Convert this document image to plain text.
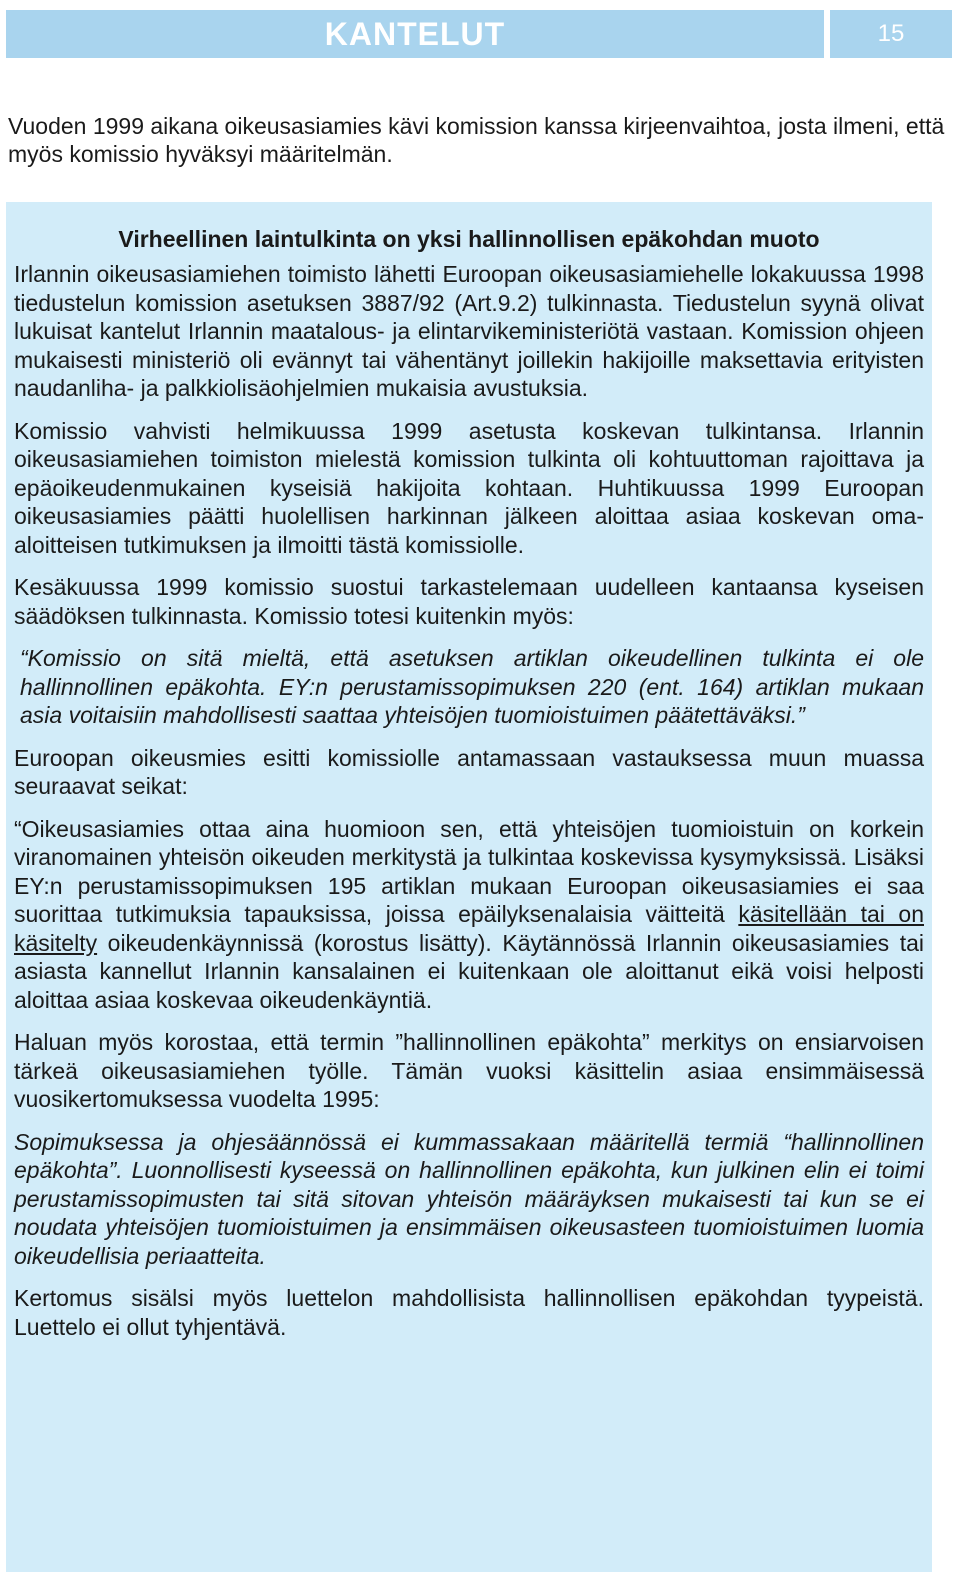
KANTELUT	15

Vuoden 1999 aikana oikeusasiamies kävi komission kanssa kirjeenvaihtoa, josta ilmeni, että myös komissio hyväksyi määritelmän.

Virheellinen laintulkinta on yksi hallinnollisen epäkohdan muoto

Irlannin oikeusasiamiehen toimisto lähetti Euroopan oikeusasiamiehelle lokakuussa 1998 tiedustelun komission asetuksen 3887/92 (Art.9.2) tulkinnasta. Tiedustelun syynä olivat lukuisat kantelut Irlannin maatalous- ja elintarvikeministeriötä vastaan. Komission ohjeen mukaisesti ministeriö oli evännyt tai vähentänyt joillekin hakijoille maksettavia erityisten naudanliha- ja palkkiolisäohjelmien mukaisia avustuksia.

Komissio vahvisti helmikuussa 1999 asetusta koskevan tulkintansa. Irlannin oikeusasiamiehen toimiston mielestä komission tulkinta oli kohtuuttoman rajoittava ja epäoikeudenmukainen kyseisiä hakijoita kohtaan. Huhtikuussa 1999 Euroopan oikeusasiamies päätti huolellisen harkinnan jälkeen aloittaa asiaa koskevan oma-aloitteisen tutkimuksen ja ilmoitti tästä komissiolle.

Kesäkuussa 1999 komissio suostui tarkastelemaan uudelleen kantaansa kyseisen säädöksen tulkinnasta. Komissio totesi kuitenkin myös:

“Komissio on sitä mieltä, että asetuksen artiklan oikeudellinen tulkinta ei ole hallinnollinen epäkohta. EY:n perustamissopimuksen 220 (ent. 164) artiklan mukaan asia voitaisiin mahdollisesti saattaa yhteisöjen tuomioistuimen päätettäväksi.”

Euroopan oikeusmies esitti komissiolle antamassaan vastauksessa muun muassa seuraavat seikat:

“Oikeusasiamies ottaa aina huomioon sen, että yhteisöjen tuomioistuin on korkein viranomainen yhteisön oikeuden merkitystä ja tulkintaa koskevissa kysymyksissä. Lisäksi EY:n perustamissopimuksen 195 artiklan mukaan Euroopan oikeusasiamies ei saa suorittaa tutkimuksia tapauksissa, joissa epäilyksenalaisia väitteitä käsitellään tai on käsitelty oikeudenkäynnissä (korostus lisätty). Käytännössä Irlannin oikeusasiamies tai asiasta kannellut Irlannin kansalainen ei kuitenkaan ole aloittanut eikä voisi helposti aloittaa asiaa koskevaa oikeudenkäyntiä.

Haluan myös korostaa, että termin ”hallinnollinen epäkohta” merkitys on ensiarvoisen tärkeä oikeusasiamiehen työlle. Tämän vuoksi käsittelin asiaa ensimmäisessä vuosikertomuksessa vuodelta 1995:

Sopimuksessa ja ohjesäännössä ei kummassakaan määritellä termiä “hallinnollinen epäkohta”. Luonnollisesti kyseessä on hallinnollinen epäkohta, kun julkinen elin ei toimi perustamissopimusten tai sitä sitovan yhteisön määräyksen mukaisesti tai kun se ei noudata yhteisöjen tuomioistuimen ja ensimmäisen oikeusasteen tuomioistuimen luomia oikeudellisia periaatteita.

Kertomus sisälsi myös luettelon mahdollisista hallinnollisen epäkohdan tyypeistä. Luettelo ei ollut tyhjentävä.
